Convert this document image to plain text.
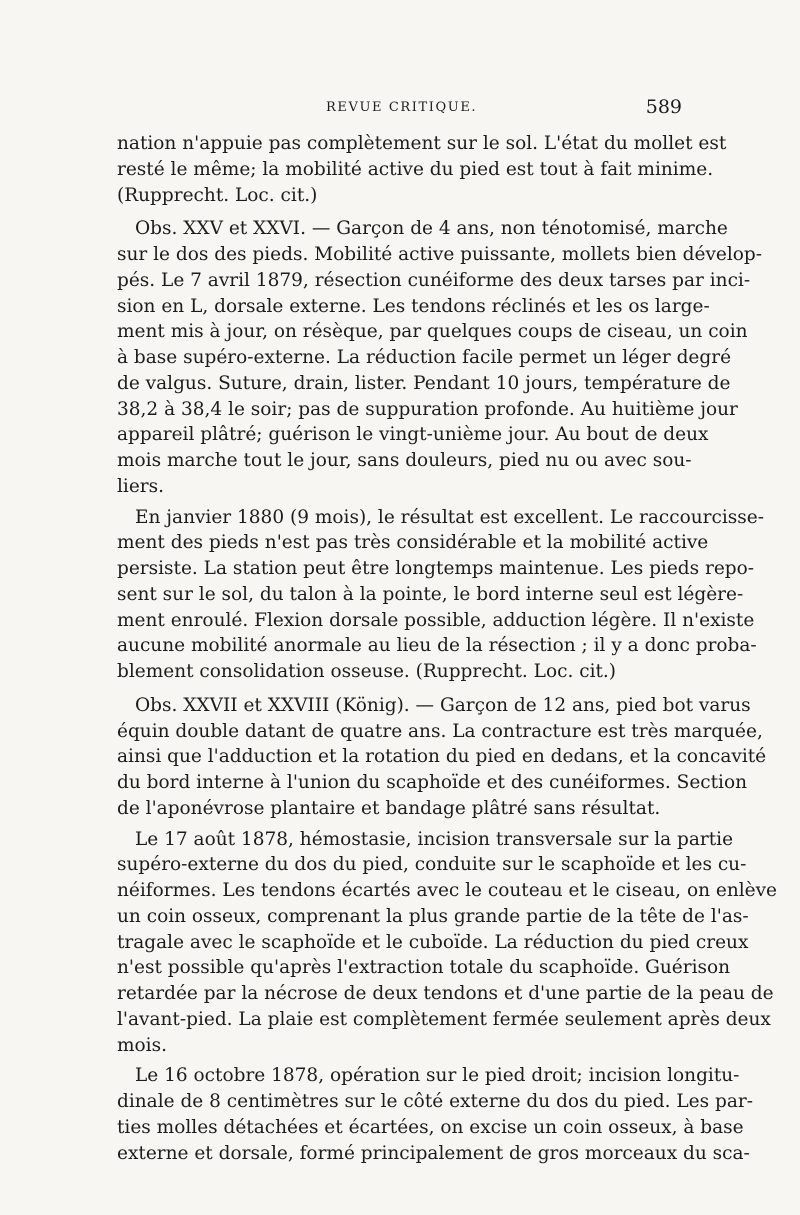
REVUE CRITIQUE.	589
nation n'appuie pas complètement sur le sol. L'état du mollet est
resté le même; la mobilité active du pied est tout à fait minime.
(Rupprecht. Loc. cit.)
Obs. XXV et XXVI. — Garçon de 4 ans, non ténotomisé, marche
sur le dos des pieds. Mobilité active puissante, mollets bien dévelop-
pés. Le 7 avril 1879, résection cunéiforme des deux tarses par inci-
sion en L, dorsale externe. Les tendons réclinés et les os large-
ment mis à jour, on résèque, par quelques coups de ciseau, un coin
à base supéro-externe. La réduction facile permet un léger degré
de valgus. Suture, drain, lister. Pendant 10 jours, température de
38,2 à 38,4 le soir; pas de suppuration profonde. Au huitième jour
appareil plâtré; guérison le vingt-unième jour. Au bout de deux
mois marche tout le jour, sans douleurs, pied nu ou avec sou-
liers.
En janvier 1880 (9 mois), le résultat est excellent. Le raccourcisse-
ment des pieds n'est pas très considérable et la mobilité active
persiste. La station peut être longtemps maintenue. Les pieds repo-
sent sur le sol, du talon à la pointe, le bord interne seul est légère-
ment enroulé. Flexion dorsale possible, adduction légère. Il n'existe
aucune mobilité anormale au lieu de la résection ; il y a donc proba-
blement consolidation osseuse. (Rupprecht. Loc. cit.)
Obs. XXVII et XXVIII (König). — Garçon de 12 ans, pied bot varus
équin double datant de quatre ans. La contracture est très marquée,
ainsi que l'adduction et la rotation du pied en dedans, et la concavité
du bord interne à l'union du scaphoïde et des cunéiformes. Section
de l'aponévrose plantaire et bandage plâtré sans résultat.
Le 17 août 1878, hémostasie, incision transversale sur la partie
supéro-externe du dos du pied, conduite sur le scaphoïde et les cu-
néiformes. Les tendons écartés avec le couteau et le ciseau, on enlève
un coin osseux, comprenant la plus grande partie de la tête de l'as-
tragale avec le scaphoïde et le cuboïde. La réduction du pied creux
n'est possible qu'après l'extraction totale du scaphoïde. Guérison
retardée par la nécrose de deux tendons et d'une partie de la peau de
l'avant-pied. La plaie est complètement fermée seulement après deux
mois.
Le 16 octobre 1878, opération sur le pied droit; incision longitu-
dinale de 8 centimètres sur le côté externe du dos du pied. Les par-
ties molles détachées et écartées, on excise un coin osseux, à base
externe et dorsale, formé principalement de gros morceaux du sca-
